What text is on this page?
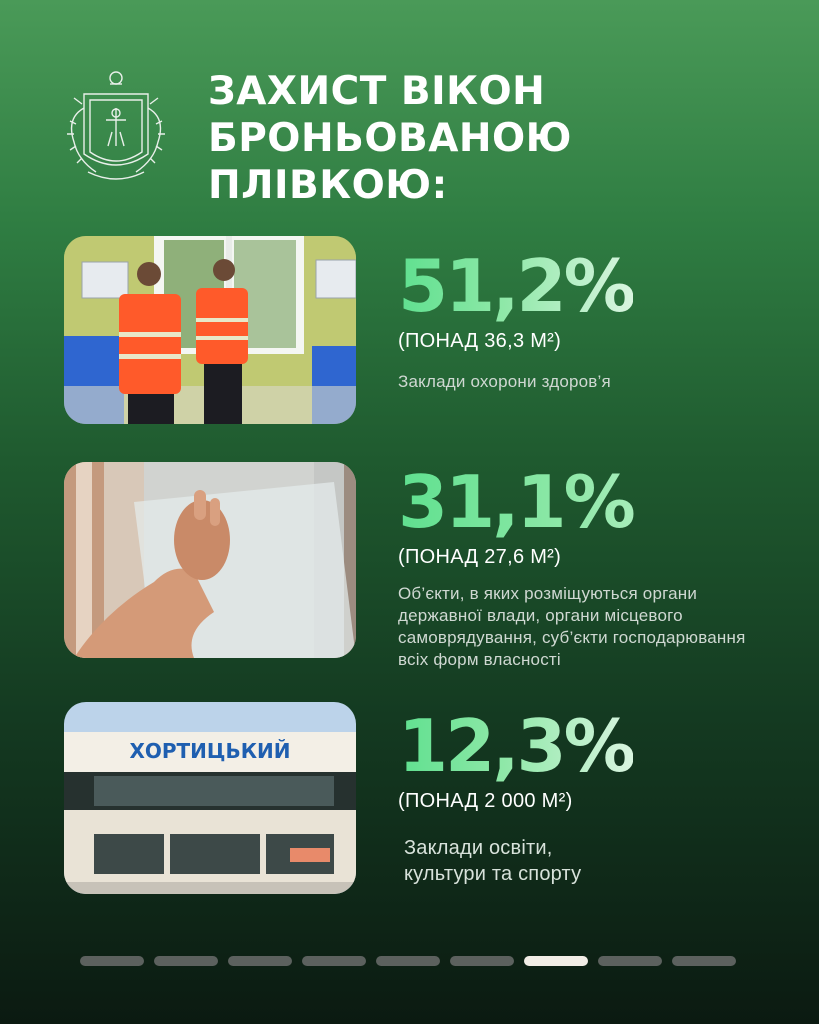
ЗАХИСТ ВІКОН
БРОНЬОВАНОЮ
ПЛІВКОЮ:
51,2%
(ПОНАД 36,3 М²)
Заклади охорони здоров’я
31,1%
(ПОНАД 27,6 М²)
Об’єкти, в яких розміщуються органи державної влади, органи місцевого самоврядування, суб’єкти господарювання всіх форм власності
ХОРТИЦЬКИЙ 12,3%
(ПОНАД 2 000 М²)
Заклади освіти, культури та спорту
